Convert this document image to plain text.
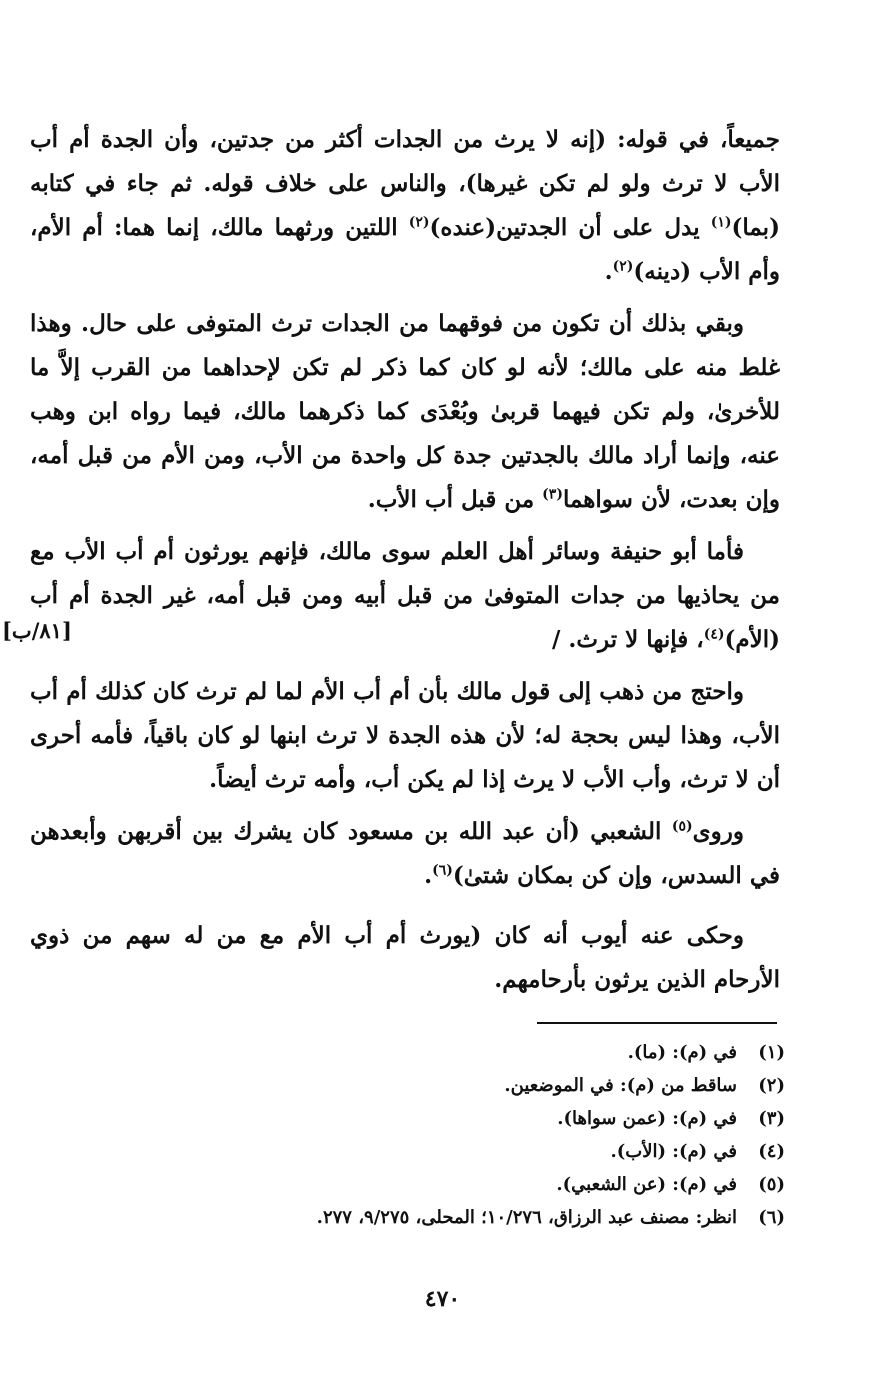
جميعاً، في قوله: (إنه لا يرث من الجدات أكثر من جدتين، وأن الجدة أم أب الأب لا ترث ولو لم تكن غيرها)، والناس على خلاف قوله. ثم جاء في كتابه (بما)$^{(١)}$ يدل على أن الجدتين(عنده)$^{(٢)}$ اللتين ورثهما مالك، إنما هما: أم الأم، وأم الأب (دينه)$^{(٢)}$.

وبقي بذلك أن تكون من فوقهما من الجدات ترث المتوفى على حال. وهذا غلط منه على مالك؛ لأنه لو كان كما ذكر لم تكن لإحداهما من القرب إلاَّ ما للأخرىٰ، ولم تكن فيهما قربىٰ وبُعْدَى كما ذكرهما مالك، فيما رواه ابن وهب عنه، وإنما أراد مالك بالجدتين جدة كل واحدة من الأب، ومن الأم من قبل أمه، وإن بعدت، لأن سواهما$^{(٣)}$ من قبل أب الأب.

فأما أبو حنيفة وسائر أهل العلم سوى مالك، فإنهم يورثون أم أب الأب مع من يحاذيها من جدات المتوفىٰ من قبل أبيه ومن قبل أمه، غير الجدة أم أب (الأم)$^{(٤)}$، فإنها لا ترث. /

واحتج من ذهب إلى قول مالك بأن أم أب الأم لما لم ترث كان كذلك أم أب الأب، وهذا ليس بحجة له؛ لأن هذه الجدة لا ترث ابنها لو كان باقياً، فأمه أحرى أن لا ترث، وأب الأب لا يرث إذا لم يكن أب، وأمه ترث أيضاً.

وروى$^{(٥)}$ الشعبي (أن عبد الله بن مسعود كان يشرك بين أقربهن وأبعدهن في السدس، وإن كن بمكان شتىٰ)$^{(٦)}$.

وحكى عنه أيوب أنه كان (يورث أم أب الأم مع من له سهم من ذوي الأرحام الذين يرثون بأرحامهم.

[٨١/ب]
(١)في (م): (ما).
(٢)ساقط من (م): في الموضعين.
(٣)في (م): (عمن سواها).
(٤)في (م): (الأب).
(٥)في (م): (عن الشعبي).
(٦)انظر: مصنف عبد الرزاق، ١٠/٢٧٦؛ المحلى، ٩/٢٧٥، ٢٧٧.
٤٧٠
